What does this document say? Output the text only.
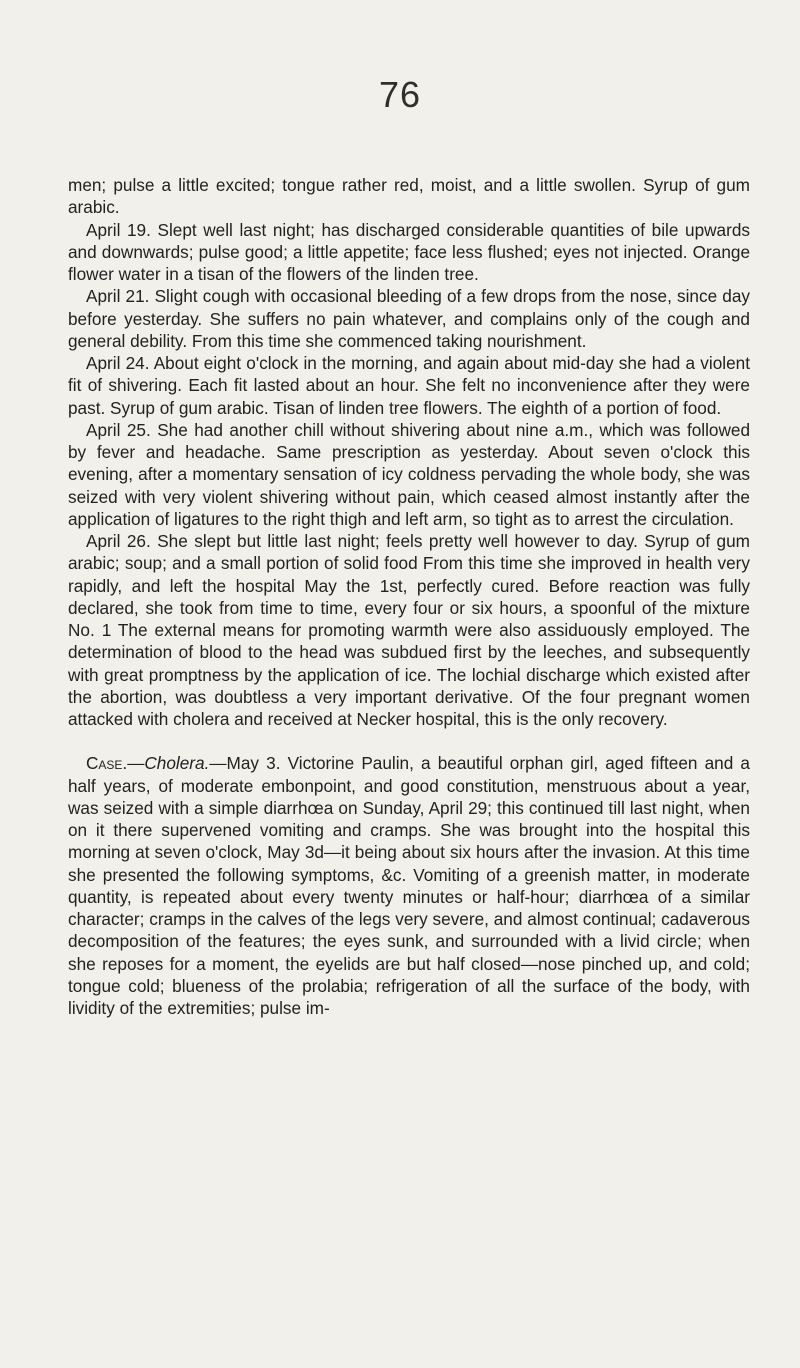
76

men; pulse a little excited; tongue rather red, moist, and a little swollen. Syrup of gum arabic.

April 19. Slept well last night; has discharged considerable quantities of bile upwards and downwards; pulse good; a little appetite; face less flushed; eyes not injected. Orange flower water in a tisan of the flowers of the linden tree.

April 21. Slight cough with occasional bleeding of a few drops from the nose, since day before yesterday. She suffers no pain whatever, and complains only of the cough and general debility. From this time she commenced taking nourishment.

April 24. About eight o'clock in the morning, and again about mid-day she had a violent fit of shivering. Each fit lasted about an hour. She felt no inconvenience after they were past. Syrup of gum arabic. Tisan of linden tree flowers. The eighth of a portion of food.

April 25. She had another chill without shivering about nine a.m., which was followed by fever and headache. Same prescription as yesterday. About seven o'clock this evening, after a momentary sensation of icy coldness pervading the whole body, she was seized with very violent shivering without pain, which ceased almost instantly after the application of ligatures to the right thigh and left arm, so tight as to arrest the circulation.

April 26. She slept but little last night; feels pretty well however to day. Syrup of gum arabic; soup; and a small portion of solid food From this time she improved in health very rapidly, and left the hospital May the 1st, perfectly cured. Before reaction was fully declared, she took from time to time, every four or six hours, a spoonful of the mixture No. 1 The external means for promoting warmth were also assiduously employed. The determination of blood to the head was subdued first by the leeches, and subsequently with great promptness by the application of ice. The lochial discharge which existed after the abortion, was doubtless a very important derivative. Of the four pregnant women attacked with cholera and received at Necker hospital, this is the only recovery.

Case.—Cholera.—May 3. Victorine Paulin, a beautiful orphan girl, aged fifteen and a half years, of moderate embonpoint, and good constitution, menstruous about a year, was seized with a simple diarrhœa on Sunday, April 29; this continued till last night, when on it there supervened vomiting and cramps. She was brought into the hospital this morning at seven o'clock, May 3d—it being about six hours after the invasion. At this time she presented the following symptoms, &c. Vomiting of a greenish matter, in moderate quantity, is repeated about every twenty minutes or half-hour; diarrhœa of a similar character; cramps in the calves of the legs very severe, and almost continual; cadaverous decomposition of the features; the eyes sunk, and surrounded with a livid circle; when she reposes for a moment, the eyelids are but half closed—nose pinched up, and cold; tongue cold; blueness of the prolabia; refrigeration of all the surface of the body, with lividity of the extremities; pulse im-
